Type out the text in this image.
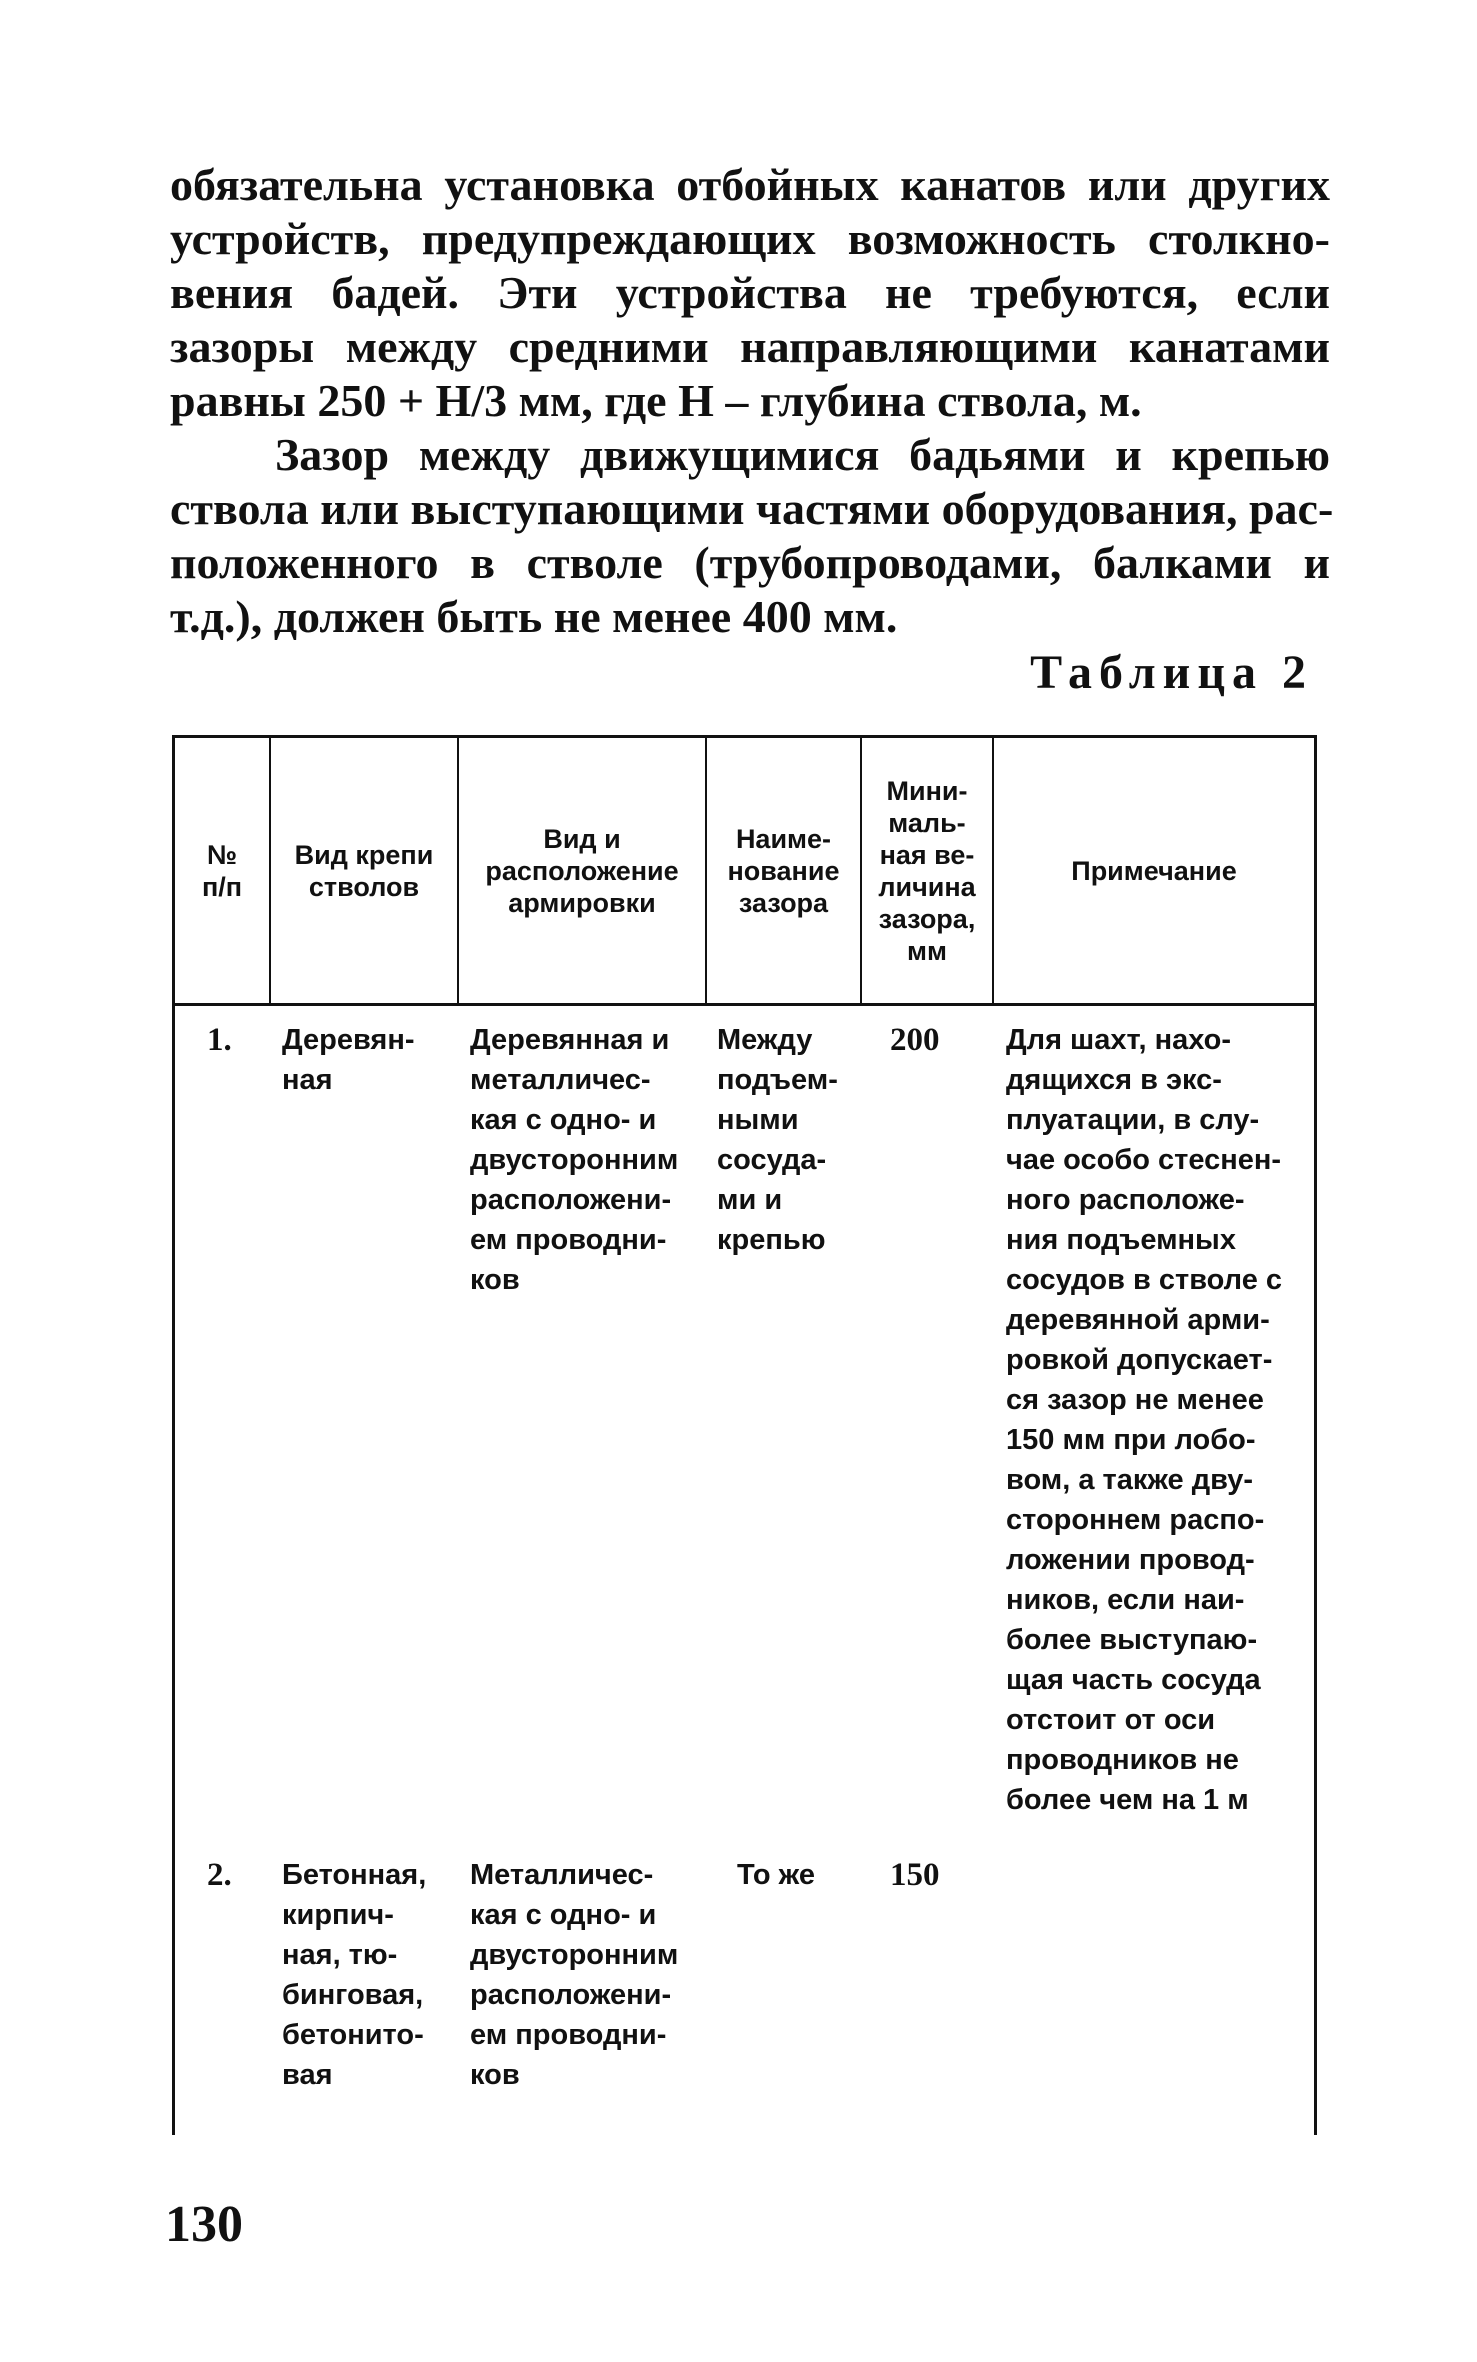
обязательна установка отбойных канатов или других
устройств, предупреждающих возможность столкно-
вения бадей. Эти устройства не требуются, если
зазоры между средними направляющими канатами
равны 250 + Н/3 мм, где Н – глубина ствола, м.
Зазор между движущимися бадьями и крепью
ствола или выступающими частями оборудования, рас-
положенного в стволе (трубопроводами, балками и
т.д.), должен быть не менее 400 мм.
Таблица 2
№
п/п
Вид крепи
стволов
Вид и
расположение
армировки
Наиме-
нование
зазора
Мини-
маль-
ная ве-
личина
зазора,
мм
Примечание
1. Деревян-
ная
Деревянная и
металличес-
кая с одно- и
двусторонним
расположени-
ем проводни-
ков
Между
подъем-
ными
сосуда-
ми и
крепью
200 Для шахт, нахо-
дящихся в экс-
плуатации, в слу-
чае особо стеснен-
ного расположе-
ния подъемных
сосудов в стволе с
деревянной арми-
ровкой допускает-
ся зазор не менее
150 мм при лобо-
вом, а также дву-
стороннем распо-
ложении провод-
ников, если наи-
более выступаю-
щая часть сосуда
отстоит от оси
проводников не
более чем на 1 м
2. Бетонная,
кирпич-
ная, тю-
бинговая,
бетонито-
вая
Металличес-
кая с одно- и
двусторонним
расположени-
ем проводни-
ков
То же	150
130
